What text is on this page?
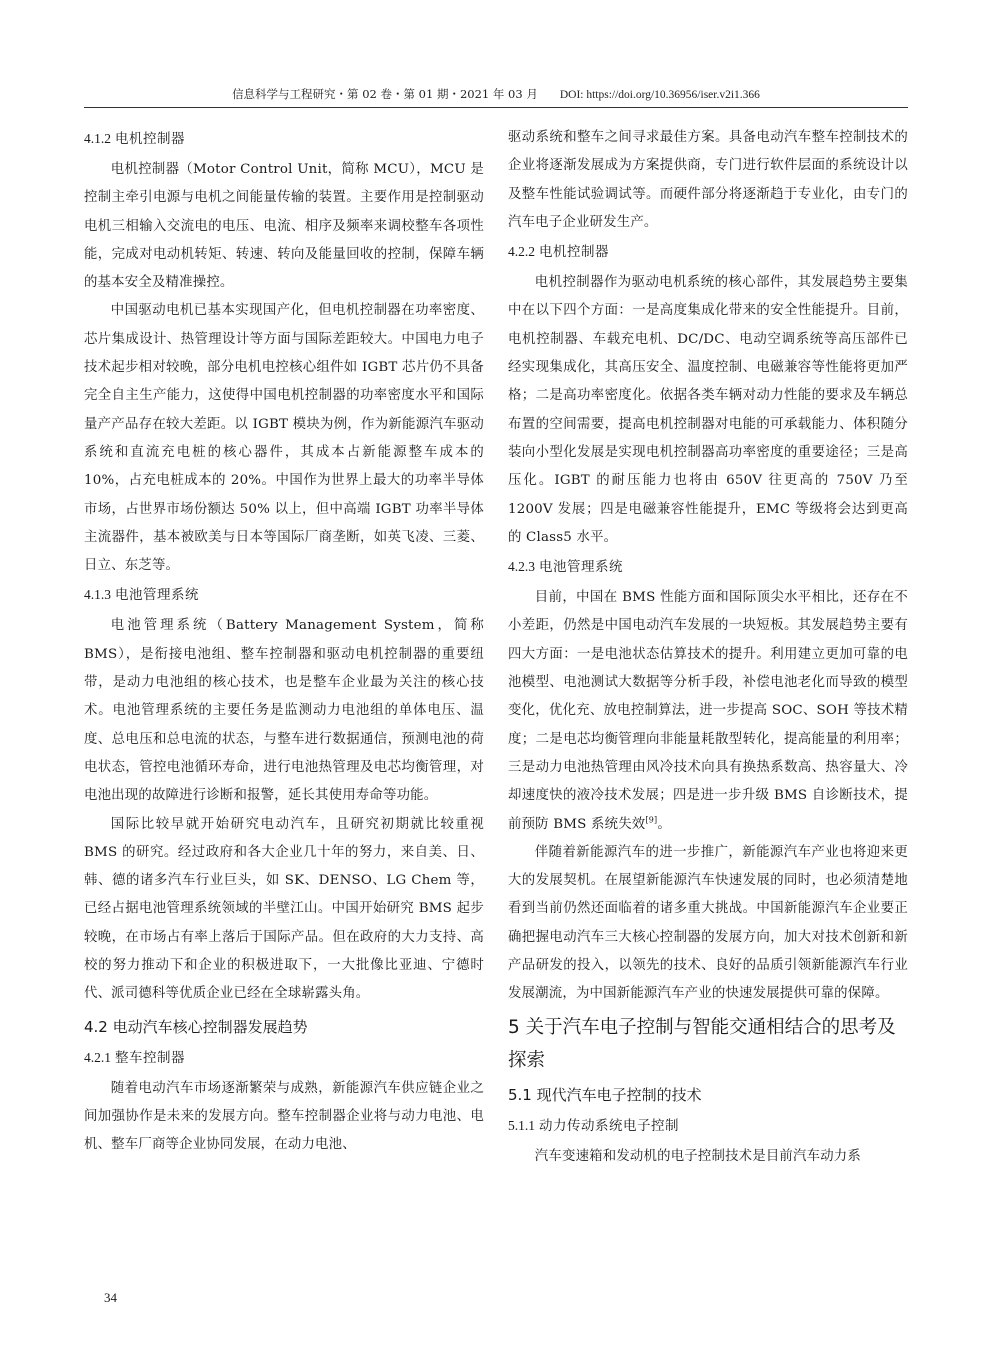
信息科学与工程研究・第 02 卷・第 01 期・2021 年 03 月 DOI: https://doi.org/10.36956/iser.v2i1.366
4.1.2 电机控制器

电机控制器（Motor Control Unit，简称 MCU），MCU 是控制主牵引电源与电机之间能量传输的装置。主要作用是控制驱动电机三相输入交流电的电压、电流、相序及频率来调校整车各项性能，完成对电动机转矩、转速、转向及能量回收的控制，保障车辆的基本安全及精准操控。

中国驱动电机已基本实现国产化，但电机控制器在功率密度、芯片集成设计、热管理设计等方面与国际差距较大。中国电力电子技术起步相对较晚，部分电机电控核心组件如 IGBT 芯片仍不具备完全自主生产能力，这使得中国电机控制器的功率密度水平和国际量产产品存在较大差距。以 IGBT 模块为例，作为新能源汽车驱动系统和直流充电桩的核心器件，其成本占新能源整车成本的 10%，占充电桩成本的 20%。中国作为世界上最大的功率半导体市场，占世界市场份额达 50% 以上，但中高端 IGBT 功率半导体主流器件，基本被欧美与日本等国际厂商垄断，如英飞凌、三菱、日立、东芝等。

4.1.3 电池管理系统

电池管理系统（Battery Management System，简称 BMS），是衔接电池组、整车控制器和驱动电机控制器的重要纽带，是动力电池组的核心技术，也是整车企业最为关注的核心技术。电池管理系统的主要任务是监测动力电池组的单体电压、温度、总电压和总电流的状态，与整车进行数据通信，预测电池的荷电状态，管控电池循环寿命，进行电池热管理及电芯均衡管理，对电池出现的故障进行诊断和报警，延长其使用寿命等功能。

国际比较早就开始研究电动汽车，且研究初期就比较重视 BMS 的研究。经过政府和各大企业几十年的努力，来自美、日、韩、德的诸多汽车行业巨头，如 SK、DENSO、LG Chem 等，已经占据电池管理系统领域的半壁江山。中国开始研究 BMS 起步较晚，在市场占有率上落后于国际产品。但在政府的大力支持、高校的努力推动下和企业的积极进取下，一大批像比亚迪、宁德时代、派司德科等优质企业已经在全球崭露头角。

4.2 电动汽车核心控制器发展趋势
4.2.1 整车控制器

随着电动汽车市场逐渐繁荣与成熟，新能源汽车供应链企业之间加强协作是未来的发展方向。整车控制器企业将与动力电池、电机、整车厂商等企业协同发展，在动力电池、

驱动系统和整车之间寻求最佳方案。具备电动汽车整车控制技术的企业将逐渐发展成为方案提供商，专门进行软件层面的系统设计以及整车性能试验调试等。而硬件部分将逐渐趋于专业化，由专门的汽车电子企业研发生产。

4.2.2 电机控制器

电机控制器作为驱动电机系统的核心部件，其发展趋势主要集中在以下四个方面：一是高度集成化带来的安全性能提升。目前，电机控制器、车载充电机、DC/DC、电动空调系统等高压部件已经实现集成化，其高压安全、温度控制、电磁兼容等性能将更加严格；二是高功率密度化。依据各类车辆对动力性能的要求及车辆总布置的空间需要，提高电机控制器对电能的可承载能力、体积随分装向小型化发展是实现电机控制器高功率密度的重要途径；三是高压化。IGBT 的耐压能力也将由 650V 往更高的 750V 乃至 1200V 发展；四是电磁兼容性能提升，EMC 等级将会达到更高的 Class5 水平。

4.2.3 电池管理系统

目前，中国在 BMS 性能方面和国际顶尖水平相比，还存在不小差距，仍然是中国电动汽车发展的一块短板。其发展趋势主要有四大方面：一是电池状态估算技术的提升。利用建立更加可靠的电池模型、电池测试大数据等分析手段，补偿电池老化而导致的模型变化，优化充、放电控制算法，进一步提高 SOC、SOH 等技术精度；二是电芯均衡管理向非能量耗散型转化，提高能量的利用率；三是动力电池热管理由风冷技术向具有换热系数高、热容量大、冷却速度快的液冷技术发展；四是进一步升级 BMS 自诊断技术，提前预防 BMS 系统失效[9]。

伴随着新能源汽车的进一步推广，新能源汽车产业也将迎来更大的发展契机。在展望新能源汽车快速发展的同时，也必须清楚地看到当前仍然还面临着的诸多重大挑战。中国新能源汽车企业要正确把握电动汽车三大核心控制器的发展方向，加大对技术创新和新产品研发的投入，以领先的技术、良好的品质引领新能源汽车行业发展潮流，为中国新能源汽车产业的快速发展提供可靠的保障。

5 关于汽车电子控制与智能交通相结合的思考及探索
5.1 现代汽车电子控制的技术
5.1.1 动力传动系统电子控制

汽车变速箱和发动机的电子控制技术是目前汽车动力系

34
